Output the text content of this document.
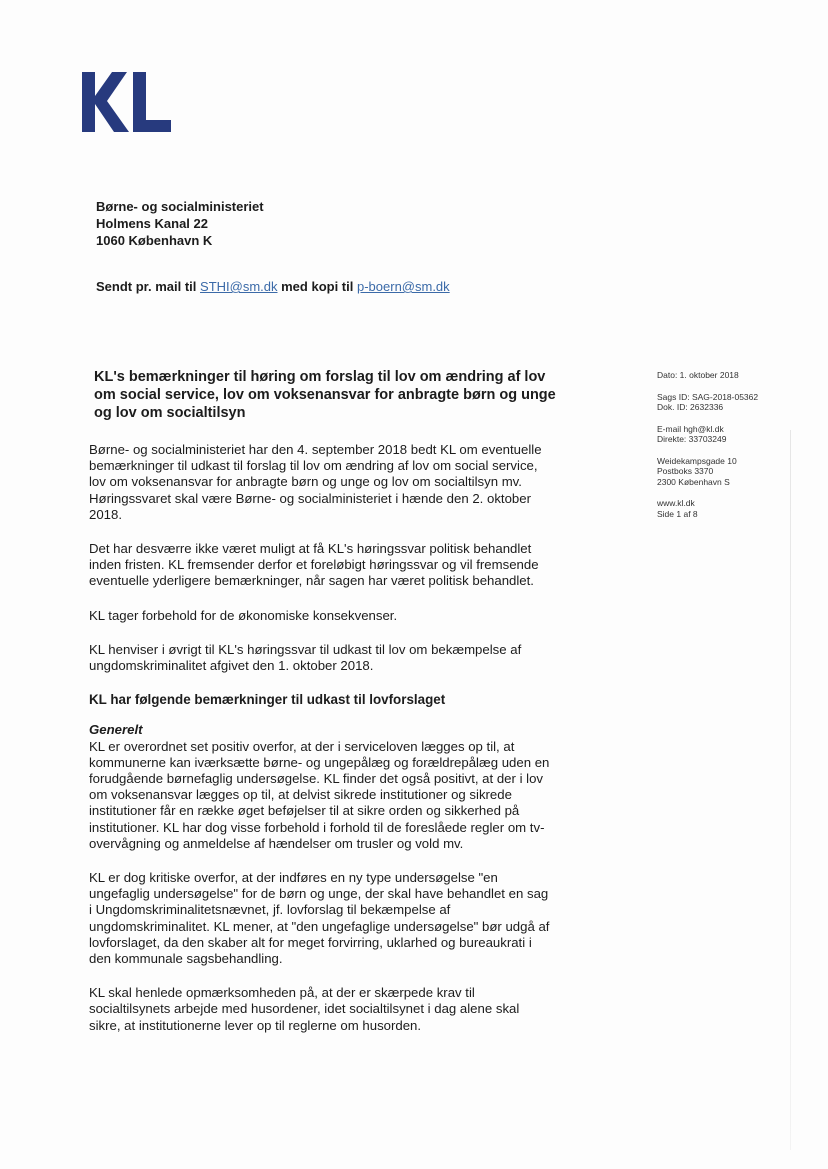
Børne- og socialministeriet
Holmens Kanal 22
1060 København K
Sendt pr. mail til STHI@sm.dk med kopi til p-boern@sm.dk
KL's bemærkninger til høring om forslag til lov om ændring af lov om social service, lov om voksenansvar for anbragte børn og unge og lov om socialtilsyn
Dato: 1. oktober 2018
Sags ID: SAG-2018-05362
Dok. ID: 2632336
E-mail hgh@kl.dk
Direkte: 33703249
Weidekampsgade 10
Postboks 3370
2300 København S
www.kl.dk
Side 1 af 8

Børne- og socialministeriet har den 4. september 2018 bedt KL om eventuelle bemærkninger til udkast til forslag til lov om ændring af lov om social service, lov om voksenansvar for anbragte børn og unge og lov om socialtilsyn mv. Høringssvaret skal være Børne- og socialministeriet i hænde den 2. oktober 2018.

Det har desværre ikke været muligt at få KL's høringssvar politisk behandlet inden fristen. KL fremsender derfor et foreløbigt høringssvar og vil fremsende eventuelle yderligere bemærkninger, når sagen har været politisk behandlet.

KL tager forbehold for de økonomiske konsekvenser.

KL henviser i øvrigt til KL's høringssvar til udkast til lov om bekæmpelse af ungdomskriminalitet afgivet den 1. oktober 2018.

KL har følgende bemærkninger til udkast til lovforslaget
Generelt

KL er overordnet set positiv overfor, at der i serviceloven lægges op til, at kommunerne kan iværksætte børne- og ungepålæg og forældrepålæg uden en forudgående børnefaglig undersøgelse. KL finder det også positivt, at der i lov om voksenansvar lægges op til, at delvist sikrede institutioner og sikrede institutioner får en række øget beføjelser til at sikre orden og sikkerhed på institutioner. KL har dog visse forbehold i forhold til de foreslåede regler om tv-overvågning og anmeldelse af hændelser om trusler og vold mv.

KL er dog kritiske overfor, at der indføres en ny type undersøgelse "en ungefaglig undersøgelse" for de børn og unge, der skal have behandlet en sag i Ungdomskriminalitetsnævnet, jf. lovforslag til bekæmpelse af ungdomskriminalitet. KL mener, at "den ungefaglige undersøgelse" bør udgå af lovforslaget, da den skaber alt for meget forvirring, uklarhed og bureaukrati i den kommunale sagsbehandling.

KL skal henlede opmærksomheden på, at der er skærpede krav til socialtilsynets arbejde med husordener, idet socialtilsynet i dag alene skal sikre, at institutionerne lever op til reglerne om husorden.
